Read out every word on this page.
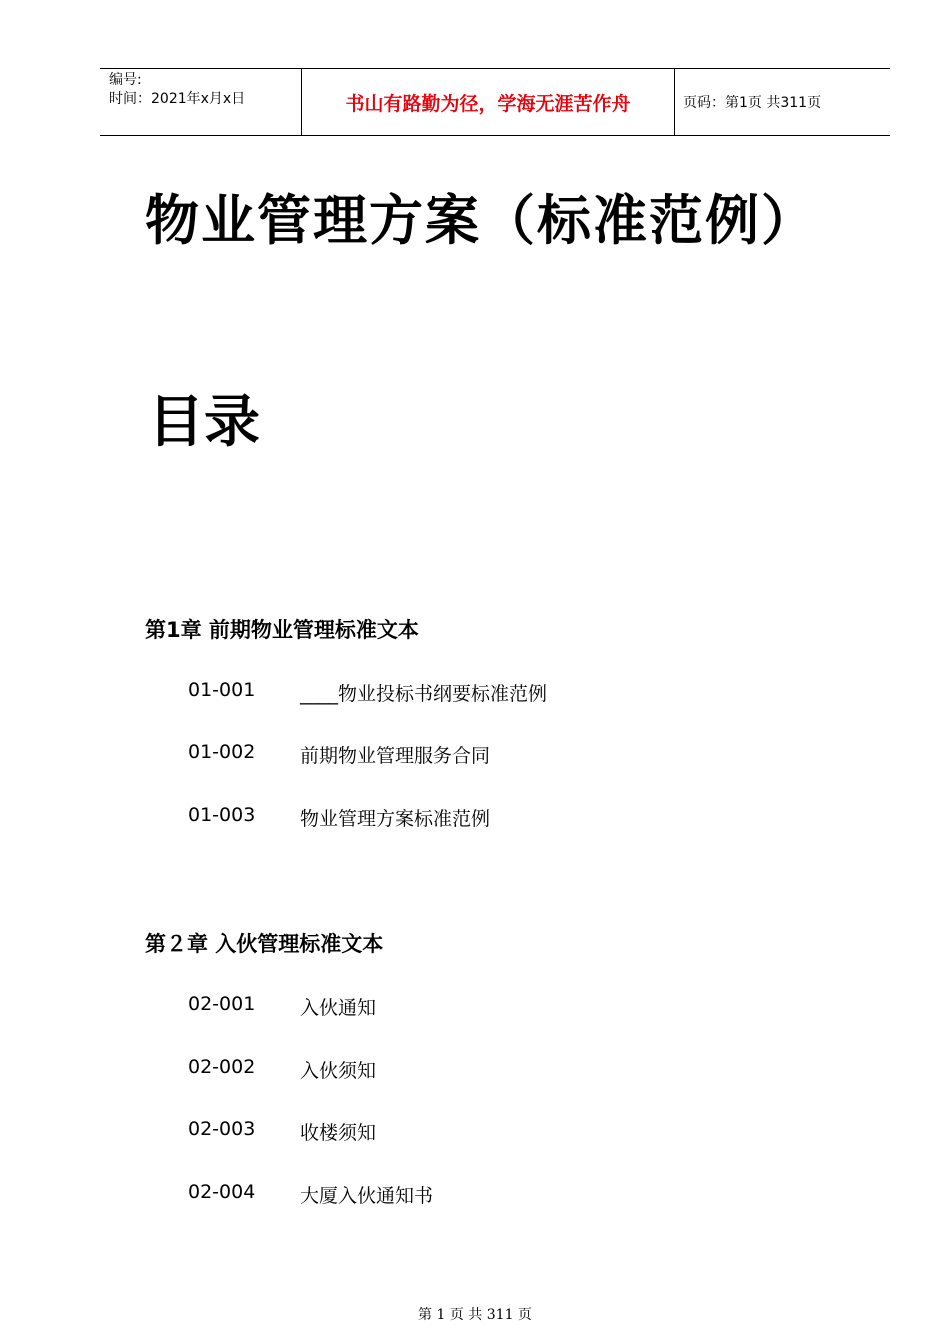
编号:
时间：2021年x月x日	书山有路勤为径，学海无涯苦作舟	页码：第1页 共311页
物业管理方案（标准范例）
目录
第1章 前期物业管理标准文本
01-001	____物业投标书纲要标准范例
01-002	前期物业管理服务合同
01-003	物业管理方案标准范例
第２章 入伙管理标准文本
02-001	入伙通知
02-002	入伙须知
02-003	收楼须知
02-004	大厦入伙通知书
第 1 页 共 311 页
